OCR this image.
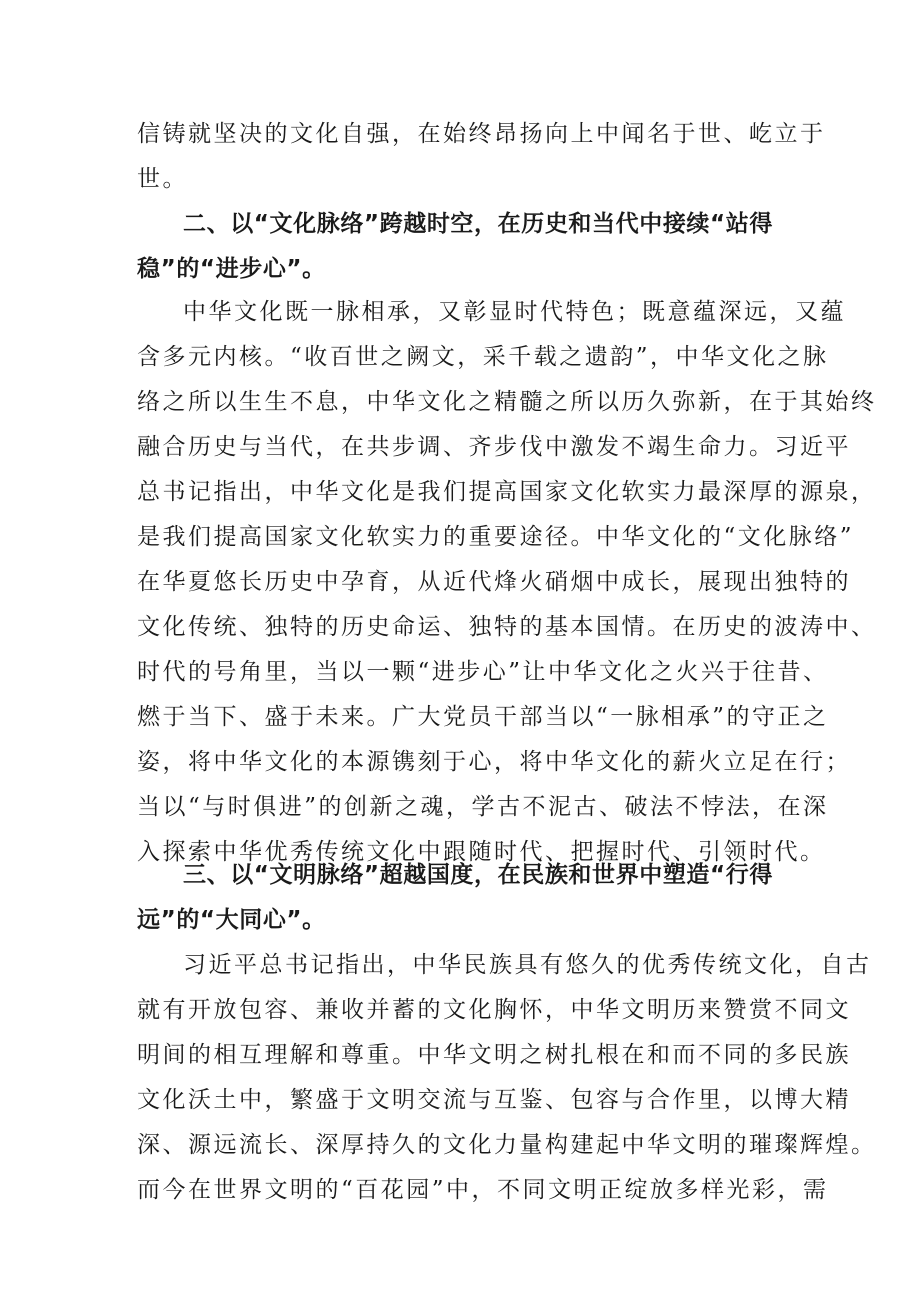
信铸就坚决的文化自强，在始终昂扬向上中闻名于世、屹立于
世。
二、以“文化脉络”跨越时空，在历史和当代中接续“站得
稳”的“进步心”。
中华文化既一脉相承，又彰显时代特色；既意蕴深远，又蕴
含多元内核。“收百世之阙文，采千载之遗韵”，中华文化之脉
络之所以生生不息，中华文化之精髓之所以历久弥新，在于其始终
融合历史与当代，在共步调、齐步伐中激发不竭生命力。习近平
总书记指出，中华文化是我们提高国家文化软实力最深厚的源泉，
是我们提高国家文化软实力的重要途径。中华文化的“文化脉络”
在华夏悠长历史中孕育，从近代烽火硝烟中成长，展现出独特的
文化传统、独特的历史命运、独特的基本国情。在历史的波涛中、
时代的号角里，当以一颗“进步心”让中华文化之火兴于往昔、
燃于当下、盛于未来。广大党员干部当以“一脉相承”的守正之
姿，将中华文化的本源镌刻于心，将中华文化的薪火立足在行；
当以“与时俱进”的创新之魂，学古不泥古、破法不悖法，在深
入探索中华优秀传统文化中跟随时代、把握时代、引领时代。
三、以“文明脉络”超越国度，在民族和世界中塑造“行得
远”的“大同心”。
习近平总书记指出，中华民族具有悠久的优秀传统文化，自古
就有开放包容、兼收并蓄的文化胸怀，中华文明历来赞赏不同文
明间的相互理解和尊重。中华文明之树扎根在和而不同的多民族
文化沃土中，繁盛于文明交流与互鉴、包容与合作里，以博大精
深、源远流长、深厚持久的文化力量构建起中华文明的璀璨辉煌。
而今在世界文明的“百花园”中，不同文明正绽放多样光彩，需
